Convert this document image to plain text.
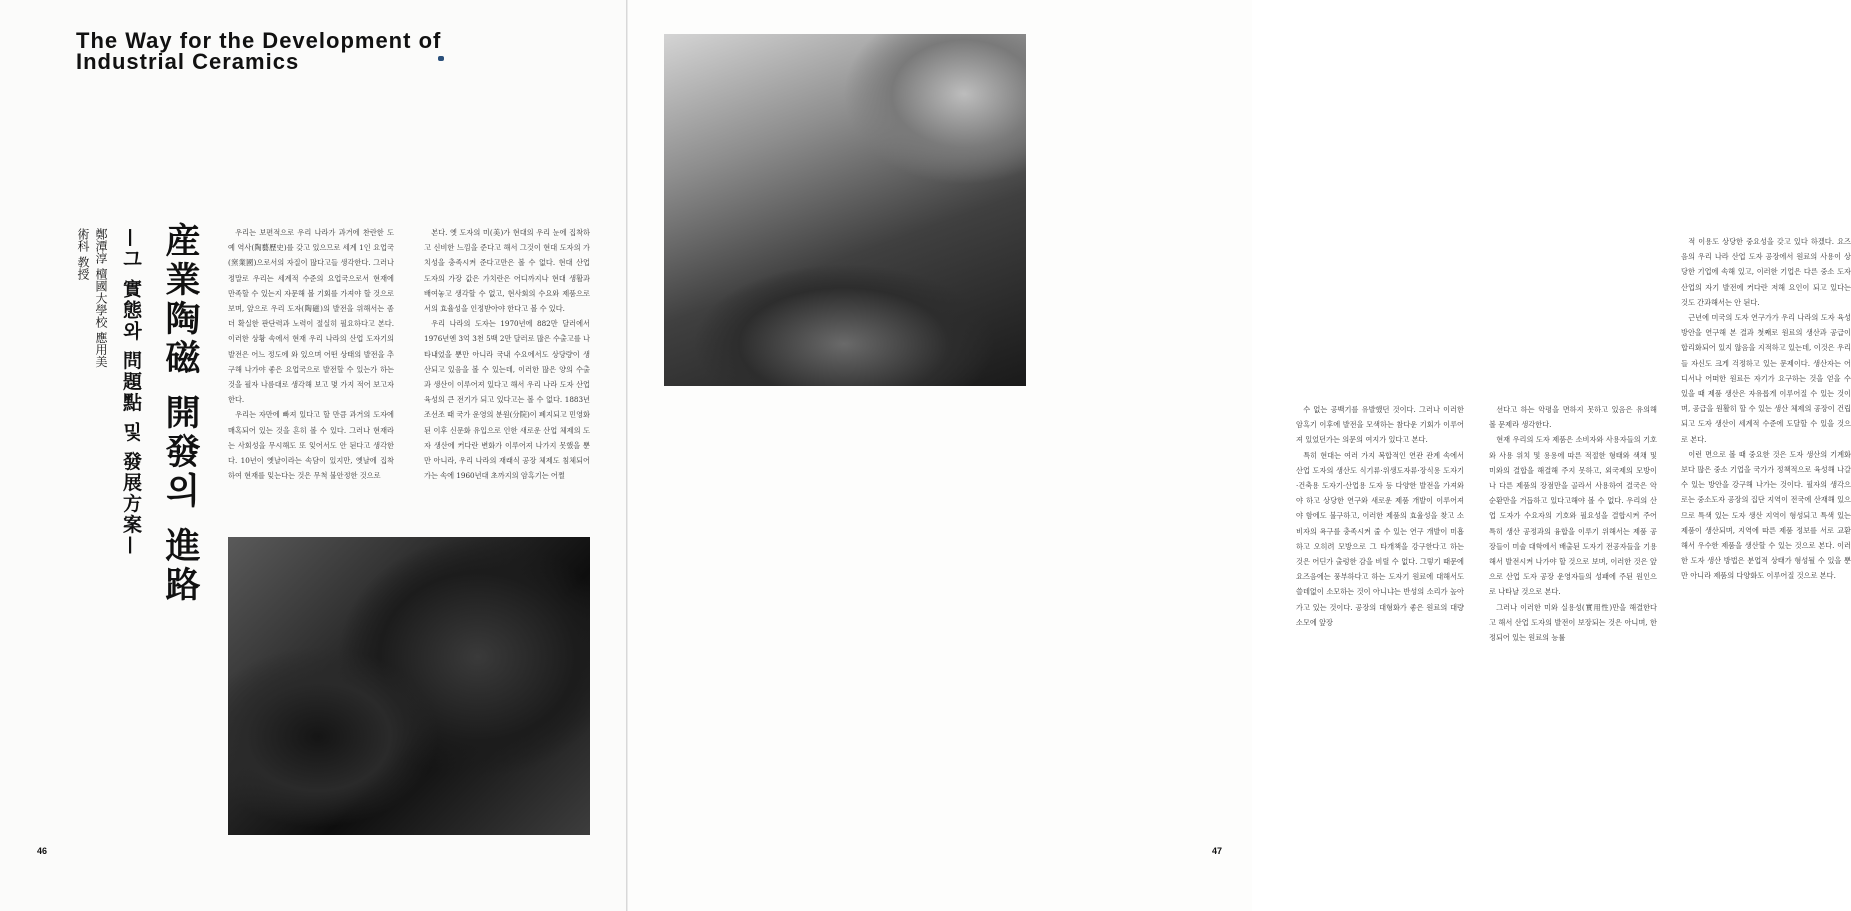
The Way for the Development of
Industrial Ceramics
鄭潭淳 檀國大學校 應用美術科 教授	—그 實態와 問題點 및 發展方案— 産業陶磁 開發의 進路	우리는 보편적으로 우리 나라가 과거에 찬란한 도예 역사(陶藝歷史)를 갖고 있으므로 세계 1인 요업국(窯業國)으로서의 자질이 많다고들 생각한다. 그러나 정말로 우리는 세계적 수준의 요업국으로서 현재에 만족할 수 있는지 자문해 볼 기회를 가져야 할 것으로 보며, 앞으로 우리 도자(陶磁)의 발전을 위해서는 좀더 확실한 판단력과 노력이 절실히 필요하다고 본다. 이러한 상황 속에서 현재 우리 나라의 산업 도자기의 발전은 어느 정도에 와 있으며 어떤 상태의 발전을 추구해 나가야 좋은 요업국으로 발전할 수 있는가 하는 것을 필자 나름대로 생각해 보고 몇 가지 적어 보고자 한다.

우리는 자만에 빠져 있다고 할 만큼 과거의 도자에 매혹되어 있는 것을 흔히 볼 수 있다. 그러나 현재라는 사회성을 무시해도 또 잊어서도 안 된다고 생각한다. 10년이 옛날이라는 속담이 있지만, 옛날에 집착하여 현재를 잊는다는 것은 무척 불안정한 것으로

본다. 옛 도자의 미(美)가 현대의 우리 눈에 집착하고 신비한 느낌을 준다고 해서 그것이 현대 도자의 가치성을 충족시켜 준다고만은 볼 수 없다. 현대 산업 도자의 가장 값은 가치란은 어디까지나 현대 생활과 배여놓고 생각할 수 없고, 현사회의 수요와 제품으로서의 효율성을 인정받아야 한다고 볼 수 있다.

우리 나라의 도자는 1970년에 882만 달러에서 1976년엔 3억 3천 5백 2만 달러로 많은 수출고를 나타내었을 뿐만 아니라 국내 수요에서도 상당량이 생산되고 있음을 볼 수 있는데, 이러한 많은 양의 수출과 생산이 이루어져 있다고 해서 우리 나라 도자 산업 육성의 큰 전기가 되고 있다고는 볼 수 없다. 1883년 조선조 때 국가 운영의 분원(分院)이 폐지되고 민영화된 이후 신문화 유입으로 인한 새로운 산업 체제의 도자 생산에 커다란 변화가 이루어져 나가지 못했을 뿐만 아니라, 우리 나라의 재래식 공장 체제도 침체되어 가는 속에 1960년대 초까지의 암흑기는 어쩔

46

수 없는 공백기를 유발했던 것이다. 그러나 이러한 암흑기 이후에 발전을 모색하는 참다운 기회가 이루어져 있었던가는 의문의 여지가 있다고 본다.

특히 현대는 여러 가지 복합적인 연관 관계 속에서 산업 도자의 생산도 식기류·위생도자류·장식용 도자기·건축용 도자기·산업용 도자 등 다양한 발전을 가져와야 하고 상당한 연구와 새로운 제품 개발이 이루어져야 함에도 불구하고, 이러한 제품의 효율성을 찾고 소비자의 욕구를 충족시켜 줄 수 있는 연구 개발이 미흡하고 오히려 모방으로 그 타개책을 강구한다고 하는 것은 어딘가 출렁한 감을 비릴 수 없다. 그렇기 때문에 요즈음에는 풍부하다고 하는 도자기 원료에 대해서도 쓸데없이 소모하는 것이 아니냐는 반성의 소리가 높아 가고 있는 것이다. 공장의 대형화가 좋은 원료의 대량 소모에 앞장

선다고 하는 악평을 면하지 못하고 있음은 유의해 볼 문제라 생각한다.

현재 우리의 도자 제품은 소비자와 사용자들의 기호와 사용 위치 및 용용에 따른 적절한 형태와 색채 및 미와의 결합을 해결해 주지 못하고, 외국제의 모방이나 다른 제품의 장점만을 골라서 사용하여 결국은 악순환만을 거듭하고 있다고해야 볼 수 없다. 우리의 산업 도자가 수요자의 기호와 필요성을 결합시켜 주어 특히 생산 공정과의 융합을 이루기 위해서는 제품 공장들이 미술 대학에서 배출된 도자기 전공자들을 기용해서 발전시켜 나가야 할 것으로 보며, 이러한 것은 앞으로 산업 도자 공장 운영자들의 성패에 주된 원인으로 나타날 것으로 본다.

그러나 이러한 미와 실용성(實用性)만을 해결한다고 해서 산업 도자의 발전이 보장되는 것은 아니며, 한정되어 있는 원료의 능률

적 이용도 상당한 중요성을 갖고 있다 하겠다. 요즈음의 우리 나라 산업 도자 공장에서 원료의 사용이 상당한 기업에 속해 있고, 이러한 기업은 다른 중소 도자 산업의 자기 발전에 커다란 저해 요인이 되고 있다는 것도 간과해서는 안 된다.

근년에 미국의 도자 연구가가 우리 나라의 도자 육성 방안을 연구해 본 결과 첫째로 원료의 생산과 공급이 합리화되어 있지 않음을 지적하고 있는데, 이것은 우리들 자신도 크게 걱정하고 있는 문제이다. 생산자는 어디서나 어떠한 원료든 자기가 요구하는 것을 얻을 수 있을 때 제품 생산은 자유롭게 이루어질 수 있는 것이며, 공급을 원활히 할 수 있는 생산 체제의 공장이 건립되고 도자 생산이 세계적 수준에 도달할 수 있을 것으로 본다.

이런 면으로 볼 때 중요한 것은 도자 생산의 기계화보다 많은 중소 기업을 국가가 정책적으로 육성해 나갈 수 있는 방안을 강구해 나가는 것이다. 필자의 생각으로는 중소도자 공장의 집단 지역이 전국에 산재해 있으므로 특색 있는 도자 생산 지역이 형성되고 특색 있는 제품이 생산되며, 지역에 따른 제품 정보를 서로 교환해서 우수한 제품을 생산할 수 있는 것으로 본다. 이러한 도자 생산 방법은 분업적 상태가 형성될 수 있을 뿐만 아니라 제품의 다양화도 이루어질 것으로 본다.

47
